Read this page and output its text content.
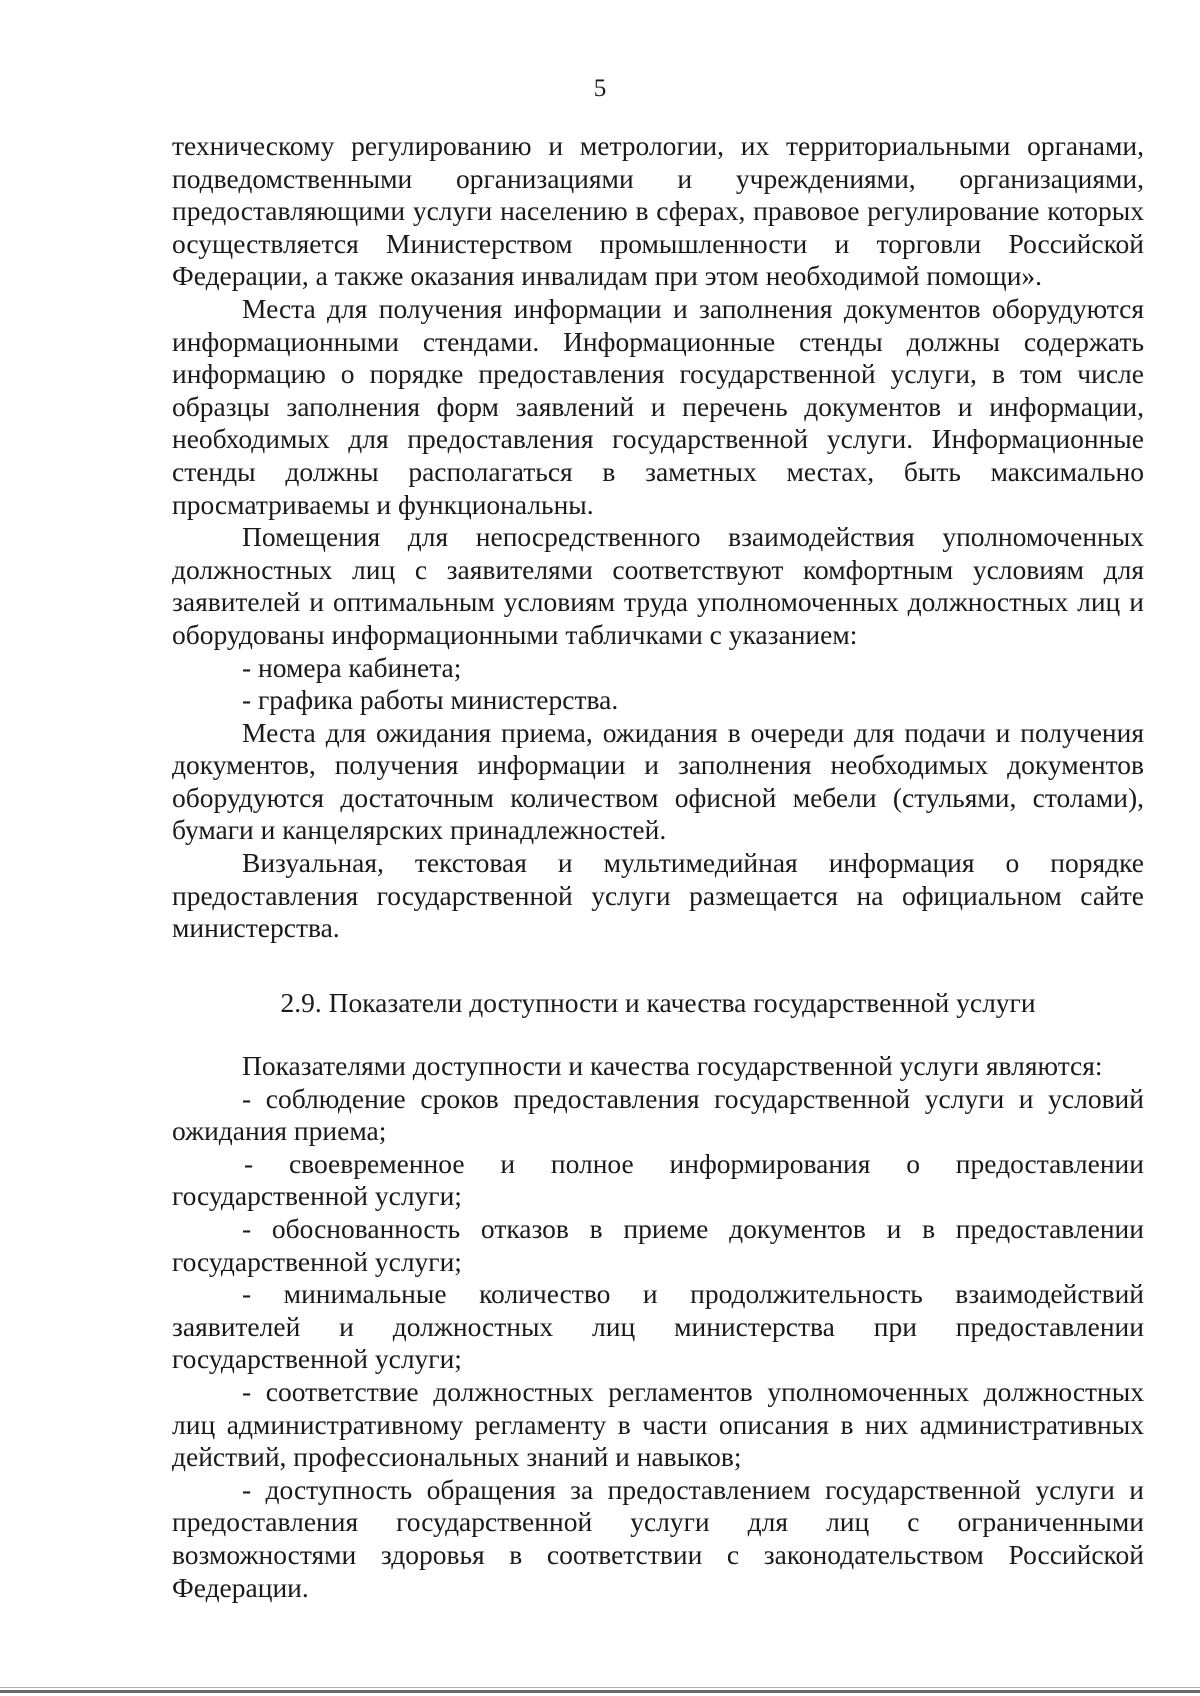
5

техническому регулированию и метрологии, их территориальными органами, подведомственными организациями и учреждениями, организациями, предоставляющими услуги населению в сферах, правовое регулирование которых осуществляется Министерством промышленности и торговли Российской Федерации, а также оказания инвалидам при этом необходимой помощи».

Места для получения информации и заполнения документов оборудуются информационными стендами. Информационные стенды должны содержать информацию о порядке предоставления государственной услуги, в том числе образцы заполнения форм заявлений и перечень документов и информации, необходимых для предоставления государственной услуги. Информационные стенды должны располагаться в заметных местах, быть максимально просматриваемы и функциональны.

Помещения для непосредственного взаимодействия уполномоченных должностных лиц с заявителями соответствуют комфортным условиям для заявителей и оптимальным условиям труда уполномоченных должностных лиц и оборудованы информационными табличками с указанием:

- номера кабинета;

- графика работы министерства.

Места для ожидания приема, ожидания в очереди для подачи и получения документов, получения информации и заполнения необходимых документов оборудуются достаточным количеством офисной мебели (стульями, столами), бумаги и канцелярских принадлежностей.

Визуальная, текстовая и мультимедийная информация о порядке предоставления государственной услуги размещается на официальном сайте министерства.

2.9. Показатели доступности и качества государственной услуги

Показателями доступности и качества государственной услуги являются:

- соблюдение сроков предоставления государственной услуги и условий ожидания приема;

- своевременное и полное информирования о предоставлении государственной услуги;

- обоснованность отказов в приеме документов и в предоставлении государственной услуги;

- минимальные количество и продолжительность взаимодействий заявителей и должностных лиц министерства при предоставлении государственной услуги;

- соответствие должностных регламентов уполномоченных должностных лиц административному регламенту в части описания в них административных действий, профессиональных знаний и навыков;

- доступность обращения за предоставлением государственной услуги и предоставления государственной услуги для лиц с ограниченными возможностями здоровья в соответствии с законодательством Российской Федерации.
